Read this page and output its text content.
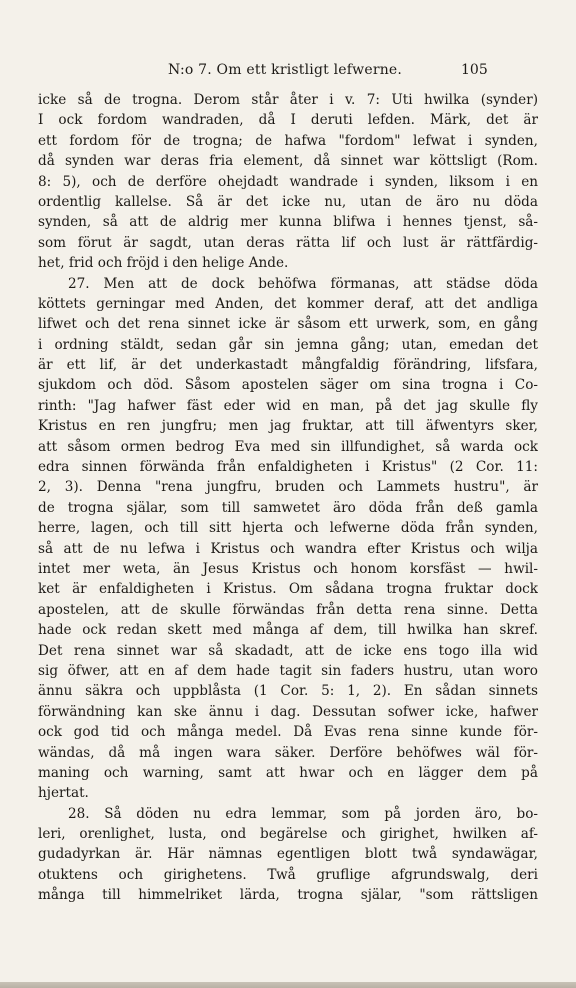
N:o 7. Om ett kristligt lefwerne.	105
icke så de trogna. Derom står åter i v. 7: Uti hwilka (synder)
I ock fordom wandraden, då I deruti lefden. Märk, det är
ett fordom för de trogna; de hafwa "fordom" lefwat i synden,
då synden war deras fria element, då sinnet war köttsligt (Rom.
8: 5), och de derföre ohejdadt wandrade i synden, liksom i en
ordentlig kallelse. Så är det icke nu, utan de äro nu döda
synden, så att de aldrig mer kunna blifwa i hennes tjenst, så-
som förut är sagdt, utan deras rätta lif och lust är rättfärdig-
het, frid och fröjd i den helige Ande.
27. Men att de dock behöfwa förmanas, att städse döda
köttets gerningar med Anden, det kommer deraf, att det andliga
lifwet och det rena sinnet icke är såsom ett urwerk, som, en gång
i ordning stäldt, sedan går sin jemna gång; utan, emedan det
är ett lif, är det underkastadt mångfaldig förändring, lifsfara,
sjukdom och död. Såsom apostelen säger om sina trogna i Co-
rinth: "Jag hafwer fäst eder wid en man, på det jag skulle fly
Kristus en ren jungfru; men jag fruktar, att till äfwentyrs sker,
att såsom ormen bedrog Eva med sin illfundighet, så warda ock
edra sinnen förwända från enfaldigheten i Kristus" (2 Cor. 11:
2, 3). Denna "rena jungfru, bruden och Lammets hustru", är
de trogna själar, som till samwetet äro döda från deß gamla
herre, lagen, och till sitt hjerta och lefwerne döda från synden,
så att de nu lefwa i Kristus och wandra efter Kristus och wilja
intet mer weta, än Jesus Kristus och honom korsfäst — hwil-
ket är enfaldigheten i Kristus. Om sådana trogna fruktar dock
apostelen, att de skulle förwändas från detta rena sinne. Detta
hade ock redan skett med många af dem, till hwilka han skref.
Det rena sinnet war så skadadt, att de icke ens togo illa wid
sig öfwer, att en af dem hade tagit sin faders hustru, utan woro
ännu säkra och uppblåsta (1 Cor. 5: 1, 2). En sådan sinnets
förwändning kan ske ännu i dag. Dessutan sofwer icke, hafwer
ock god tid och många medel. Då Evas rena sinne kunde för-
wändas, då må ingen wara säker. Derföre behöfwes wäl för-
maning och warning, samt att hwar och en lägger dem på
hjertat.
28. Så döden nu edra lemmar, som på jorden äro, bo-
leri, orenlighet, lusta, ond begärelse och girighet, hwilken af-
gudadyrkan är. Här nämnas egentligen blott twå syndawägar,
otuktens och girighetens. Twå gruflige afgrundswalg, deri
många till himmelriket lärda, trogna själar, "som rättsligen
